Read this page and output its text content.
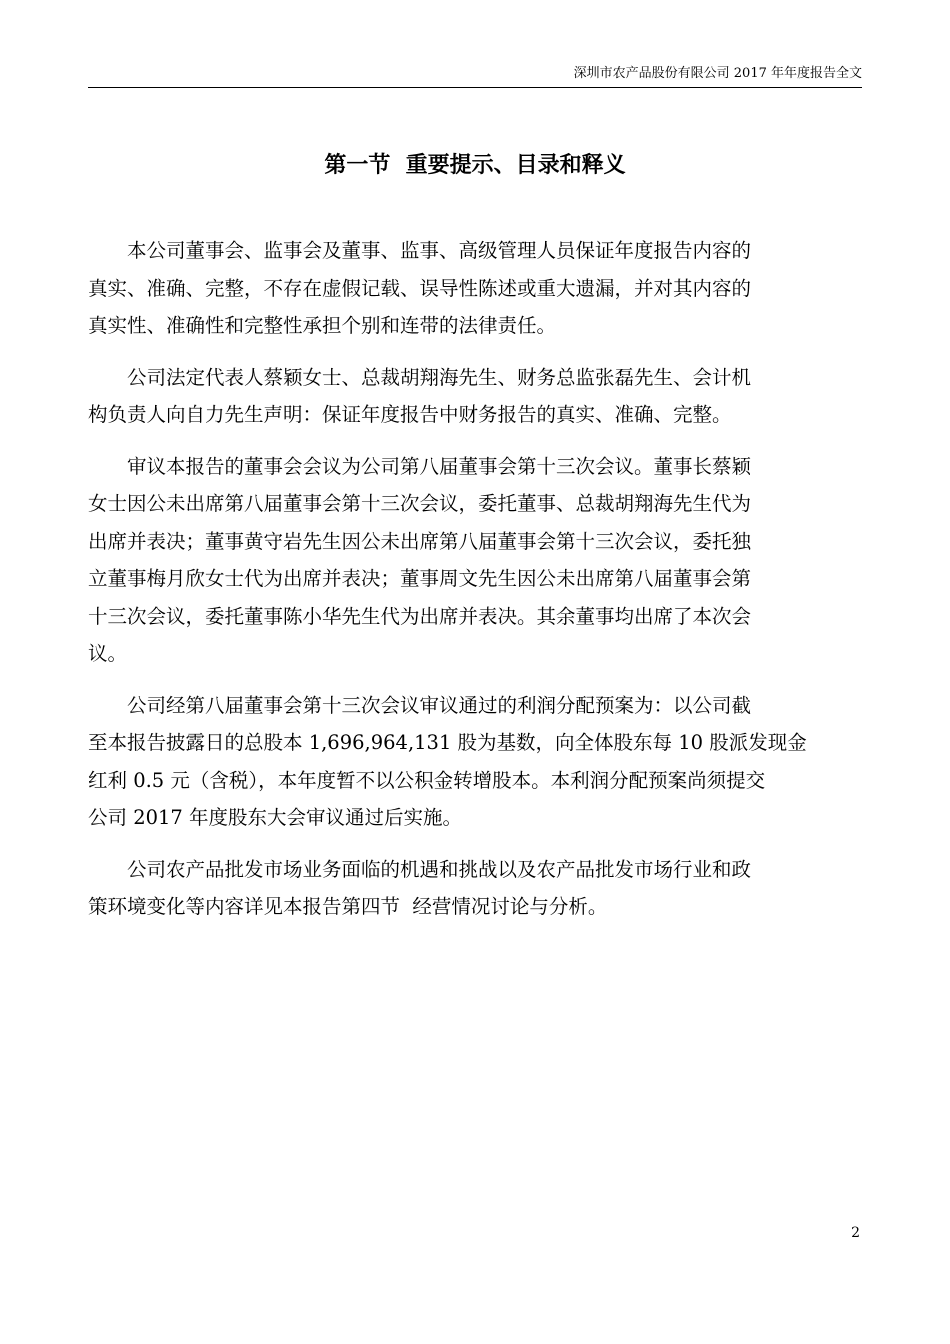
深圳市农产品股份有限公司 2017 年年度报告全文
第一节  重要提示、目录和释义

本公司董事会、监事会及董事、监事、高级管理人员保证年度报告内容的
真实、准确、完整，不存在虚假记载、误导性陈述或重大遗漏，并对其内容的
真实性、准确性和完整性承担个别和连带的法律责任。

公司法定代表人蔡颖女士、总裁胡翔海先生、财务总监张磊先生、会计机
构负责人向自力先生声明：保证年度报告中财务报告的真实、准确、完整。

审议本报告的董事会会议为公司第八届董事会第十三次会议。董事长蔡颖
女士因公未出席第八届董事会第十三次会议，委托董事、总裁胡翔海先生代为
出席并表决；董事黄守岩先生因公未出席第八届董事会第十三次会议，委托独
立董事梅月欣女士代为出席并表决；董事周文先生因公未出席第八届董事会第
十三次会议，委托董事陈小华先生代为出席并表决。其余董事均出席了本次会
议。

公司经第八届董事会第十三次会议审议通过的利润分配预案为：以公司截
至本报告披露日的总股本 1,696,964,131 股为基数，向全体股东每 10 股派发现金
红利 0.5 元（含税），本年度暂不以公积金转增股本。本利润分配预案尚须提交
公司 2017 年度股东大会审议通过后实施。

公司农产品批发市场业务面临的机遇和挑战以及农产品批发市场行业和政
策环境变化等内容详见本报告第四节  经营情况讨论与分析。

2
